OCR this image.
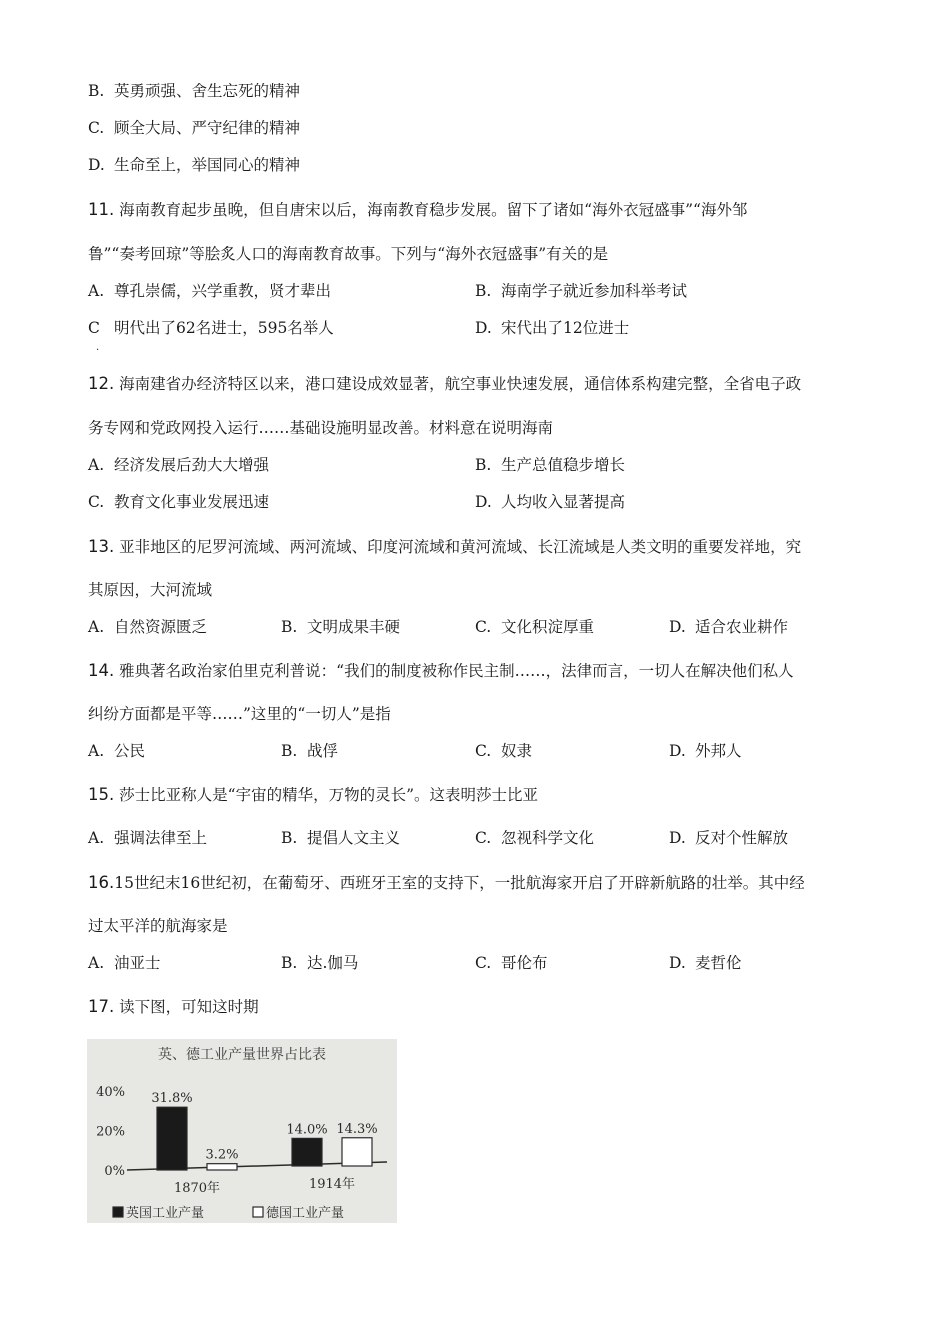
B. 英勇顽强、舍生忘死的精神
C. 顾全大局、严守纪律的精神
D. 生命至上，举国同心的精神
11. 海南教育起步虽晚，但自唐宋以后，海南教育稳步发展。留下了诸如“海外衣冠盛事”“海外邹
鲁”“奏考回琼”等脍炙人口的海南教育故事。下列与“海外衣冠盛事”有关的是
A. 尊孔崇儒，兴学重教，贤才辈出	B. 海南学子就近参加科举考试
C 明代出了62名进士，595名举人	D. 宋代出了12位进士
.
12. 海南建省办经济特区以来，港口建设成效显著，航空事业快速发展，通信体系构建完整，全省电子政
务专网和党政网投入运行……基础设施明显改善。材料意在说明海南
A. 经济发展后劲大大增强	B. 生产总值稳步增长
C. 教育文化事业发展迅速	D. 人均收入显著提高
13. 亚非地区的尼罗河流域、两河流域、印度河流域和黄河流域、长江流域是人类文明的重要发祥地，究
其原因，大河流域
A. 自然资源匮乏	B. 文明成果丰硬	C. 文化积淀厚重	D. 适合农业耕作
14. 雅典著名政治家伯里克利普说：“我们的制度被称作民主制……，法律而言，一切人在解决他们私人
纠纷方面都是平等……”这里的“一切人”是指
A. 公民	B. 战俘	C. 奴隶	D. 外邦人
15. 莎士比亚称人是“宇宙的精华，万物的灵长”。这表明莎士比亚
A. 强调法律至上	B. 提倡人文主义	C. 忽视科学文化	D. 反对个性解放
16.15世纪末16世纪初，在葡萄牙、西班牙王室的支持下，一批航海家开启了开辟新航路的壮举。其中经
过太平洋的航海家是
A. 油亚士	B. 达.伽马	C. 哥伦布	D. 麦哲伦
17. 读下图，可知这时期
英、德工业产量世界占比表
0%
20%
40%
1870年	1914年
31.8%
3.2%
14.0% 14.3%
英国工业产量	德国工业产量
